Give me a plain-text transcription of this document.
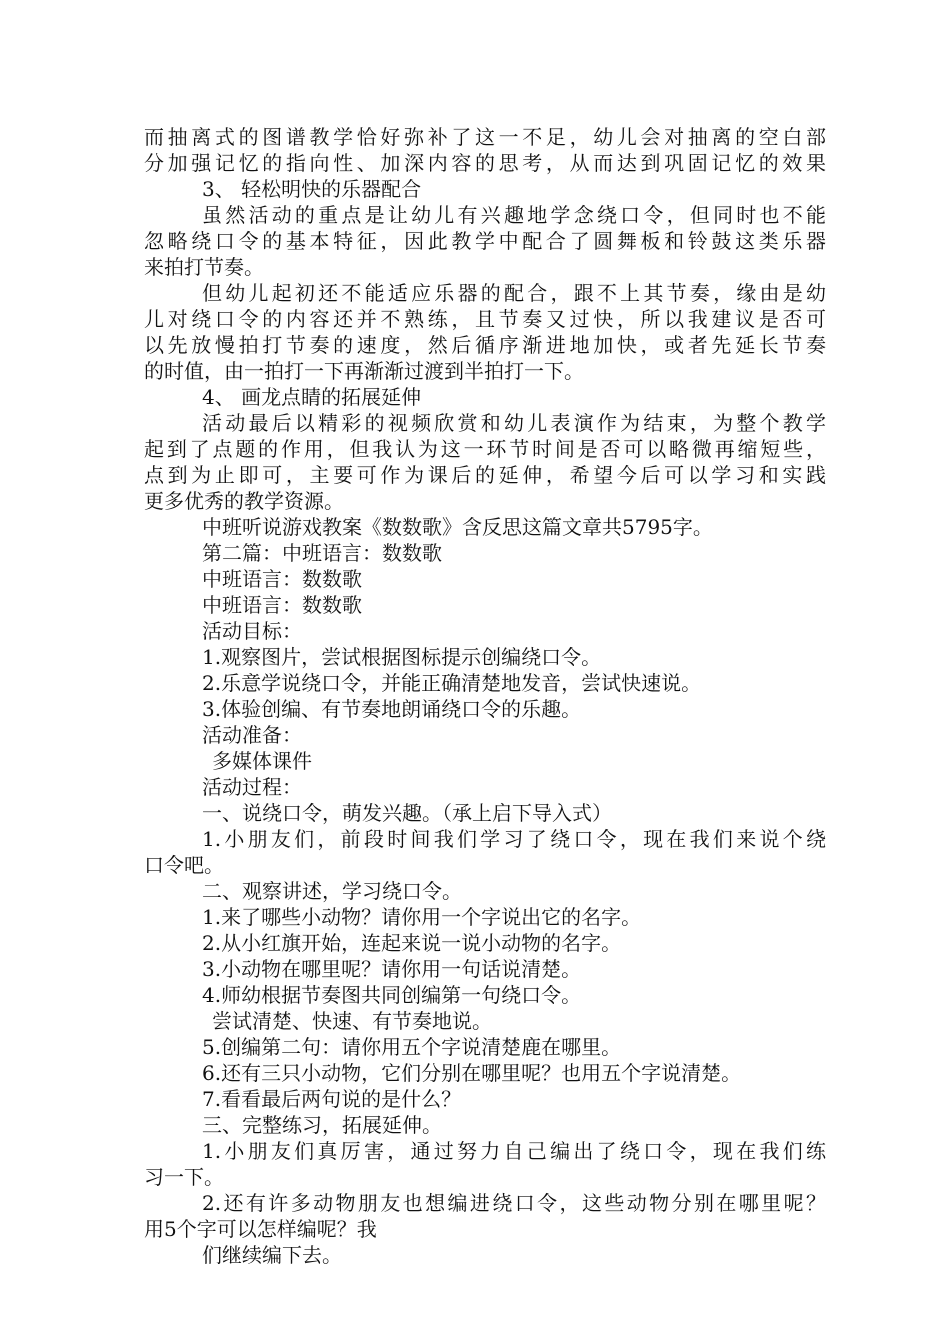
而抽离式的图谱教学恰好弥补了这一不足，幼儿会对抽离的空白部
分加强记忆的指向性、加深内容的思考，从而达到巩固记忆的效果
3、 轻松明快的乐器配合
虽然活动的重点是让幼儿有兴趣地学念绕口令，但同时也不能
忽略绕口令的基本特征，因此教学中配合了圆舞板和铃鼓这类乐器
来拍打节奏。
但幼儿起初还不能适应乐器的配合，跟不上其节奏，缘由是幼
儿对绕口令的内容还并不熟练，且节奏又过快，所以我建议是否可
以先放慢拍打节奏的速度，然后循序渐进地加快，或者先延长节奏
的时值，由一拍打一下再渐渐过渡到半拍打一下。
4、 画龙点睛的拓展延伸
活动最后以精彩的视频欣赏和幼儿表演作为结束，为整个教学
起到了点题的作用，但我认为这一环节时间是否可以略微再缩短些，
点到为止即可，主要可作为课后的延伸，希望今后可以学习和实践
更多优秀的教学资源。
中班听说游戏教案《数数歌》含反思这篇文章共5795字。
第二篇：中班语言：数数歌
中班语言：数数歌
中班语言：数数歌
活动目标：
1.观察图片，尝试根据图标提示创编绕口令。
2.乐意学说绕口令，并能正确清楚地发音，尝试快速说。
3.体验创编、有节奏地朗诵绕口令的乐趣。
活动准备：
多媒体课件
活动过程：
一、说绕口令，萌发兴趣。（承上启下导入式）
1.小朋友们，前段时间我们学习了绕口令，现在我们来说个绕
口令吧。
二、观察讲述，学习绕口令。
1.来了哪些小动物？请你用一个字说出它的名字。
2.从小红旗开始，连起来说一说小动物的名字。
3.小动物在哪里呢？请你用一句话说清楚。
4.师幼根据节奏图共同创编第一句绕口令。
尝试清楚、快速、有节奏地说。
5.创编第二句：请你用五个字说清楚鹿在哪里。
6.还有三只小动物，它们分别在哪里呢？也用五个字说清楚。
7.看看最后两句说的是什么？
三、完整练习，拓展延伸。
1.小朋友们真厉害，通过努力自己编出了绕口令，现在我们练
习一下。
2.还有许多动物朋友也想编进绕口令，这些动物分别在哪里呢？
用5个字可以怎样编呢？我
们继续编下去。
